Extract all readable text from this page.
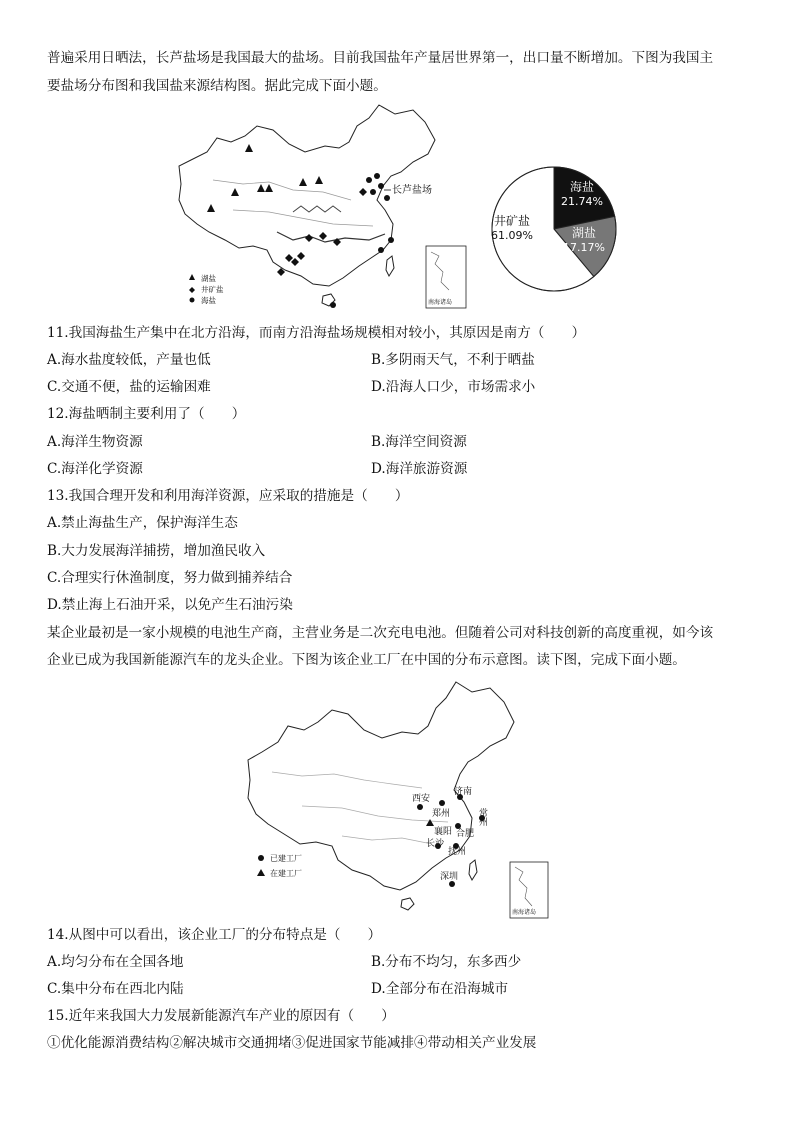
普遍采用日晒法，长芦盐场是我国最大的盐场。目前我国盐年产量居世界第一，出口量不断增加。下图为我国主
要盐场分布图和我国盐来源结构图。据此完成下面小题。
长芦盐场
湖盐
井矿盐
海盐	南海诸岛
海盐
21.74%
湖盐
17.17%
井矿盐
61.09%
11.我国海盐生产集中在北方沿海，而南方沿海盐场规模相对较小，其原因是南方（　　）
A.海水盐度较低，产量也低	B.多阴雨天气，不利于晒盐
C.交通不便，盐的运输困难	D.沿海人口少，市场需求小
12.海盐晒制主要利用了（　　）
A.海洋生物资源	B.海洋空间资源
C.海洋化学资源	D.海洋旅游资源
13.我国合理开发和利用海洋资源，应采取的措施是（　　）
A.禁止海盐生产，保护海洋生态
B.大力发展海洋捕捞，增加渔民收入
C.合理实行休渔制度，努力做到捕养结合
D.禁止海上石油开采，以免产生石油污染
某企业最初是一家小规模的电池生产商，主营业务是二次充电电池。但随着公司对科技创新的高度重视，如今该
企业已成为我国新能源汽车的龙头企业。下图为该企业工厂在中国的分布示意图。读下图，完成下面小题。
西安
济南
郑州	常州
襄阳 合肥
长沙
抚州
深圳
已建工厂
在建工厂
南海诸岛
14.从图中可以看出，该企业工厂的分布特点是（　　）
A.均匀分布在全国各地	B.分布不均匀，东多西少
C.集中分布在西北内陆	D.全部分布在沿海城市
15.近年来我国大力发展新能源汽车产业的原因有（　　）
①优化能源消费结构②解决城市交通拥堵③促进国家节能减排④带动相关产业发展
